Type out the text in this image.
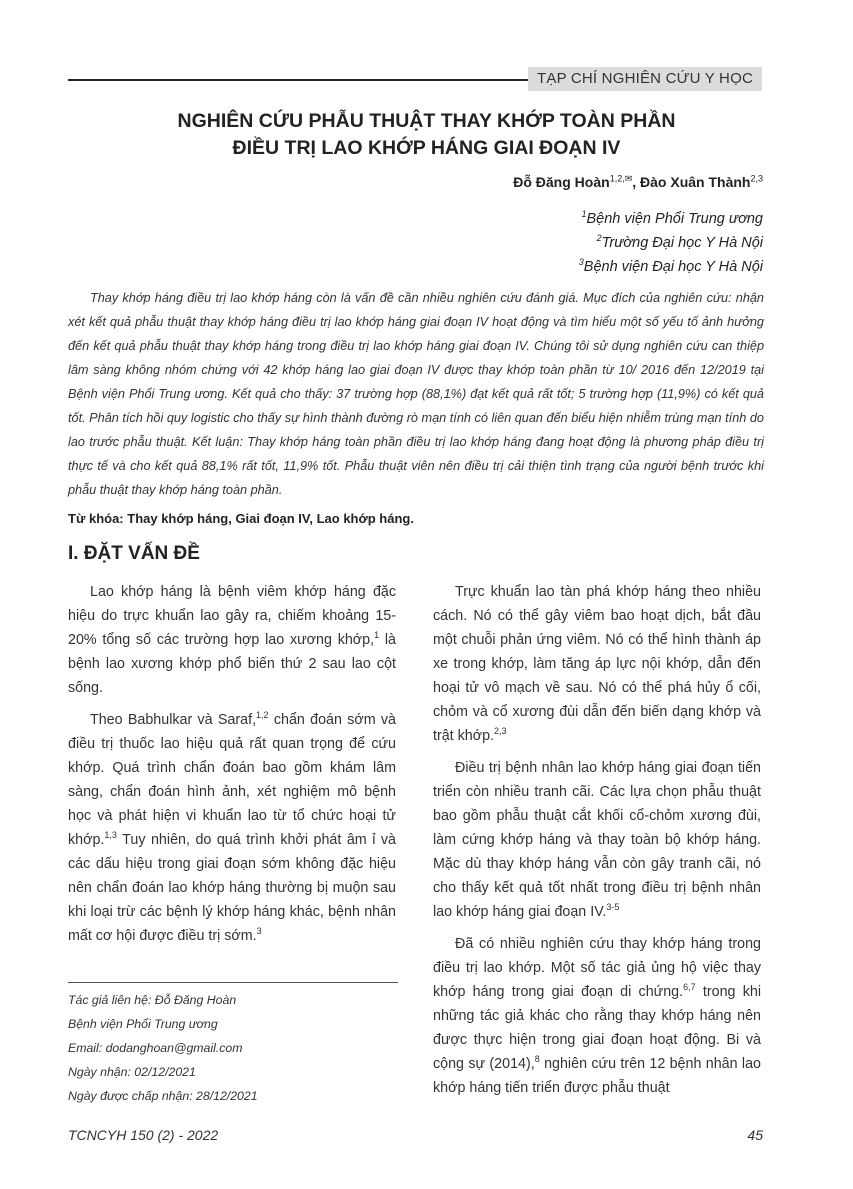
TẠP CHÍ NGHIÊN CỨU Y HỌC
NGHIÊN CỨU PHẪU THUẬT THAY KHỚP TOÀN PHẦN
ĐIỀU TRỊ LAO KHỚP HÁNG GIAI ĐOẠN IV
Đỗ Đăng Hoàn$^{1,2,✉}$, Đào Xuân Thành$^{2,3}$
$^1$Bệnh viện Phổi Trung ương
$^2$Trường Đại học Y Hà Nội
$^3$Bệnh viện Đại học Y Hà Nội
Thay khớp háng điều trị lao khớp háng còn là vấn đề cần nhiều nghiên cứu đánh giá. Mục đích của nghiên cứu: nhận xét kết quả phẫu thuật thay khớp háng điều trị lao khớp háng giai đoạn IV hoạt động và tìm hiểu một số yếu tố ảnh hưởng đến kết quả phẫu thuật thay khớp háng trong điều trị lao khớp háng giai đoạn IV. Chúng tôi sử dụng nghiên cứu can thiệp lâm sàng không nhóm chứng với 42 khớp háng lao giai đoạn IV được thay khớp toàn phần từ 10/ 2016 đến 12/2019 tại Bệnh viện Phổi Trung ương. Kết quả cho thấy: 37 trường hợp (88,1%) đạt kết quả rất tốt; 5 trường hợp (11,9%) có kết quả tốt. Phân tích hồi quy logistic cho thấy sự hình thành đường rò mạn tính có liên quan đến biểu hiện nhiễm trùng mạn tính do lao trước phẫu thuật. Kết luận: Thay khớp háng toàn phần điều trị lao khớp háng đang hoạt động là phương pháp điều trị thực tế và cho kết quả 88,1% rất tốt, 11,9% tốt. Phẫu thuật viên nên điều trị cải thiện tình trạng của người bệnh trước khi phẫu thuật thay khớp háng toàn phần.
Từ khóa: Thay khớp háng, Giai đoạn IV, Lao khớp háng.
I. ĐẶT VẤN ĐỀ

Lao khớp háng là bệnh viêm khớp háng đặc hiệu do trực khuẩn lao gây ra, chiếm khoảng 15-20% tổng số các trường hợp lao xương khớp,$^1$ là bệnh lao xương khớp phổ biến thứ 2 sau lao cột sống.

Theo Babhulkar và Saraf,$^{1,2}$ chẩn đoán sớm và điều trị thuốc lao hiệu quả rất quan trọng để cứu khớp. Quá trình chẩn đoán bao gồm khám lâm sàng, chẩn đoán hình ảnh, xét nghiệm mô bệnh học và phát hiện vi khuẩn lao từ tổ chức hoại tử khớp.$^{1,3}$ Tuy nhiên, do quá trình khởi phát âm ỉ và các dấu hiệu trong giai đoạn sớm không đặc hiệu nên chẩn đoán lao khớp háng thường bị muộn sau khi loại trừ các bệnh lý khớp háng khác, bệnh nhân mất cơ hội được điều trị sớm.$^3$

Trực khuẩn lao tàn phá khớp háng theo nhiều cách. Nó có thể gây viêm bao hoạt dịch, bắt đầu một chuỗi phản ứng viêm. Nó có thể hình thành áp xe trong khớp, làm tăng áp lực nội khớp, dẫn đến hoại tử vô mạch về sau. Nó có thể phá hủy ổ cối, chỏm và cổ xương đùi dẫn đến biến dạng khớp và trật khớp.$^{2,3}$

Điều trị bệnh nhân lao khớp háng giai đoạn tiến triển còn nhiều tranh cãi. Các lựa chọn phẫu thuật bao gồm phẫu thuật cắt khối cổ-chỏm xương đùi, làm cứng khớp háng và thay toàn bộ khớp háng. Mặc dù thay khớp háng vẫn còn gây tranh cãi, nó cho thấy kết quả tốt nhất trong điều trị bệnh nhân lao khớp háng giai đoạn IV.$^{3-5}$

Đã có nhiều nghiên cứu thay khớp háng trong điều trị lao khớp. Một số tác giả ủng hộ việc thay khớp háng trong giai đoạn di chứng.$^{6,7}$ trong khi những tác giả khác cho rằng thay khớp háng nên được thực hiện trong giai đoạn hoạt động. Bi và cộng sự (2014),$^8$ nghiên cứu trên 12 bệnh nhân lao khớp háng tiến triển được phẫu thuật

Tác giả liên hệ: Đỗ Đăng Hoàn
Bệnh viện Phổi Trung ương
Email: dodanghoan@gmail.com
Ngày nhận: 02/12/2021
Ngày được chấp nhận: 28/12/2021
TCNCYH 150 (2) - 2022	45
